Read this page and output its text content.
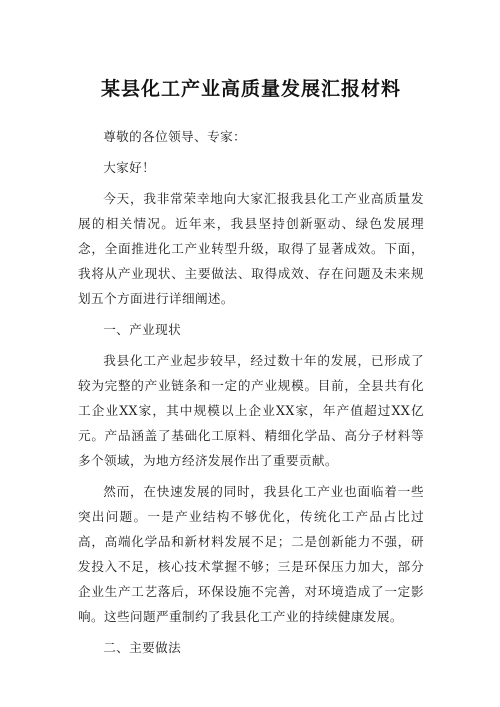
某县化工产业高质量发展汇报材料

尊敬的各位领导、专家：

大家好！

今天，我非常荣幸地向大家汇报我县化工产业高质量发展的相关情况。近年来，我县坚持创新驱动、绿色发展理念，全面推进化工产业转型升级，取得了显著成效。下面，我将从产业现状、主要做法、取得成效、存在问题及未来规划五个方面进行详细阐述。

一、产业现状

我县化工产业起步较早，经过数十年的发展，已形成了较为完整的产业链条和一定的产业规模。目前，全县共有化工企业XX家，其中规模以上企业XX家，年产值超过XX亿元。产品涵盖了基础化工原料、精细化学品、高分子材料等多个领域，为地方经济发展作出了重要贡献。

然而，在快速发展的同时，我县化工产业也面临着一些突出问题。一是产业结构不够优化，传统化工产品占比过高，高端化学品和新材料发展不足；二是创新能力不强，研发投入不足，核心技术掌握不够；三是环保压力加大，部分企业生产工艺落后，环保设施不完善，对环境造成了一定影响。这些问题严重制约了我县化工产业的持续健康发展。

二、主要做法
